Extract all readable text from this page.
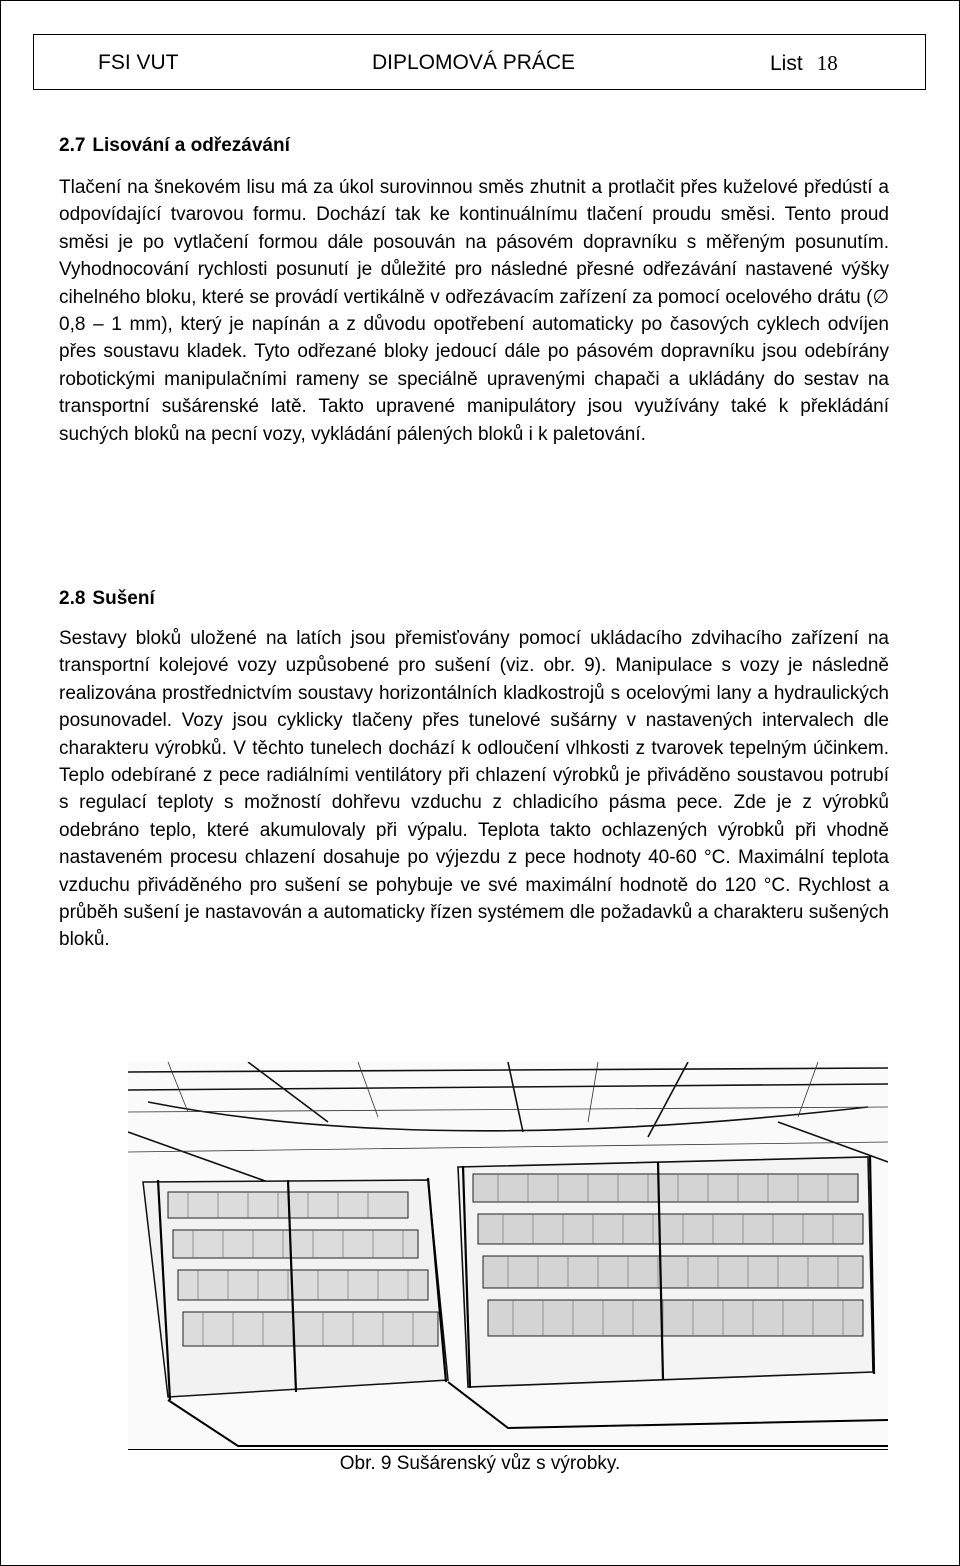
FSI VUT	DIPLOMOVÁ PRÁCE	List 18
2.7 Lisování a odřezávání

Tlačení na šnekovém lisu má za úkol surovinnou směs zhutnit a protlačit přes kuželové předústí a odpovídající tvarovou formu. Dochází tak ke kontinuálnímu tlačení proudu směsi. Tento proud směsi je po vytlačení formou dále posouván na pásovém dopravníku s měřeným posunutím. Vyhodnocování rychlosti posunutí je důležité pro následné přesné odřezávání nastavené výšky cihelného bloku, které se provádí vertikálně v odřezávacím zařízení za pomocí ocelového drátu (∅ 0,8 – 1 mm), který je napínán a z důvodu opotřebení automaticky po časových cyklech odvíjen přes soustavu kladek. Tyto odřezané bloky jedoucí dále po pásovém dopravníku jsou odebírány robotickými manipulačními rameny se speciálně upravenými chapači a ukládány do sestav na transportní sušárenské latě. Takto upravené manipulátory jsou využívány také k překládání suchých bloků na pecní vozy, vykládání pálených bloků i k paletování.

2.8 Sušení

Sestavy bloků uložené na latích jsou přemisťovány pomocí ukládacího zdvihacího zařízení na transportní kolejové vozy uzpůsobené pro sušení (viz. obr. 9). Manipulace s vozy je následně realizována prostřednictvím soustavy horizontálních kladkostrojů s ocelovými lany a hydraulických posunovadel. Vozy jsou cyklicky tlačeny přes tunelové sušárny v nastavených intervalech dle charakteru výrobků. V těchto tunelech dochází k odloučení vlhkosti z tvarovek tepelným účinkem. Teplo odebírané z pece radiálními ventilátory při chlazení výrobků je přiváděno soustavou potrubí s regulací teploty s možností dohřevu vzduchu z chladicího pásma pece. Zde je z výrobků odebráno teplo, které akumulovaly při výpalu. Teplota takto ochlazených výrobků při vhodně nastaveném procesu chlazení dosahuje po výjezdu z pece hodnoty 40-60 °C. Maximální teplota vzduchu přiváděného pro sušení se pohybuje ve své maximální hodnotě do 120 °C. Rychlost a průběh sušení je nastavován a automaticky řízen systémem dle požadavků a charakteru sušených bloků.

Obr. 9 Sušárenský vůz s výrobky.
